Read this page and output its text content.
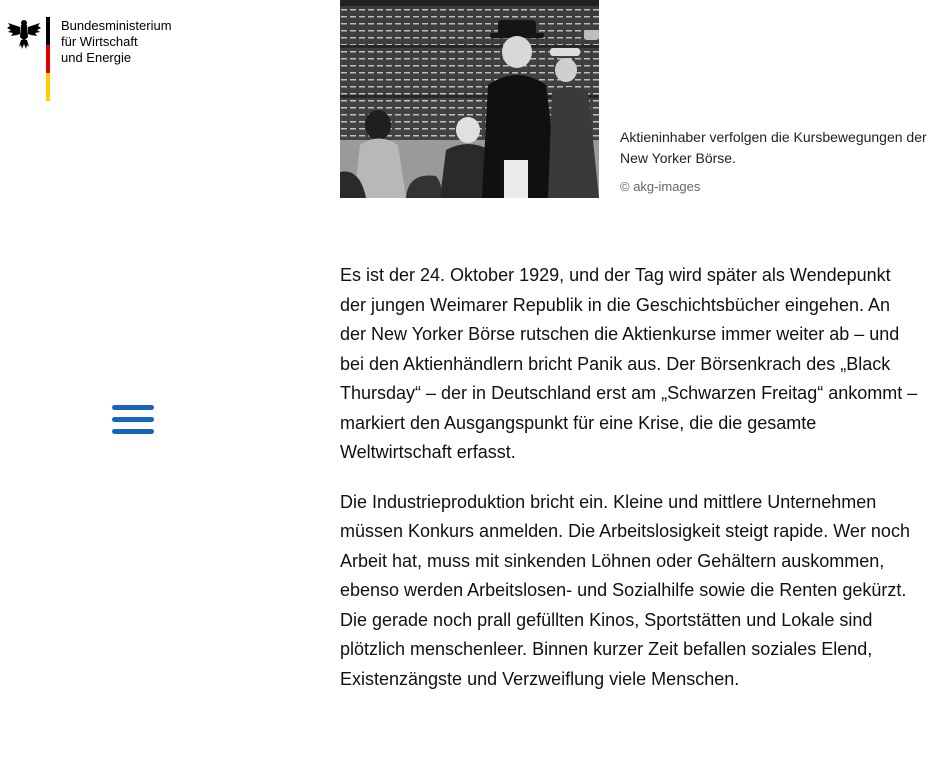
Bundesministerium
für Wirtschaft
und Energie
Aktieninhaber verfolgen die Kursbewegungen der New Yorker Börse.
© akg-images

Es ist der 24. Oktober 1929, und der Tag wird später als Wendepunkt der jungen Weimarer Republik in die Geschichtsbücher eingehen. An der New Yorker Börse rutschen die Aktienkurse immer weiter ab – und bei den Aktienhändlern bricht Panik aus. Der Börsenkrach des „Black Thursday“ – der in Deutschland erst am „Schwarzen Freitag“ ankommt – markiert den Ausgangspunkt für eine Krise, die die gesamte Weltwirtschaft erfasst.

Die Industrieproduktion bricht ein. Kleine und mittlere Unternehmen müssen Konkurs anmelden. Die Arbeitslosigkeit steigt rapide. Wer noch Arbeit hat, muss mit sinkenden Löhnen oder Gehältern auskommen, ebenso werden Arbeitslosen- und Sozialhilfe sowie die Renten gekürzt. Die gerade noch prall gefüllten Kinos, Sportstätten und Lokale sind plötzlich menschenleer. Binnen kurzer Zeit befallen soziales Elend, Existenzängste und Verzweiflung viele Menschen.
